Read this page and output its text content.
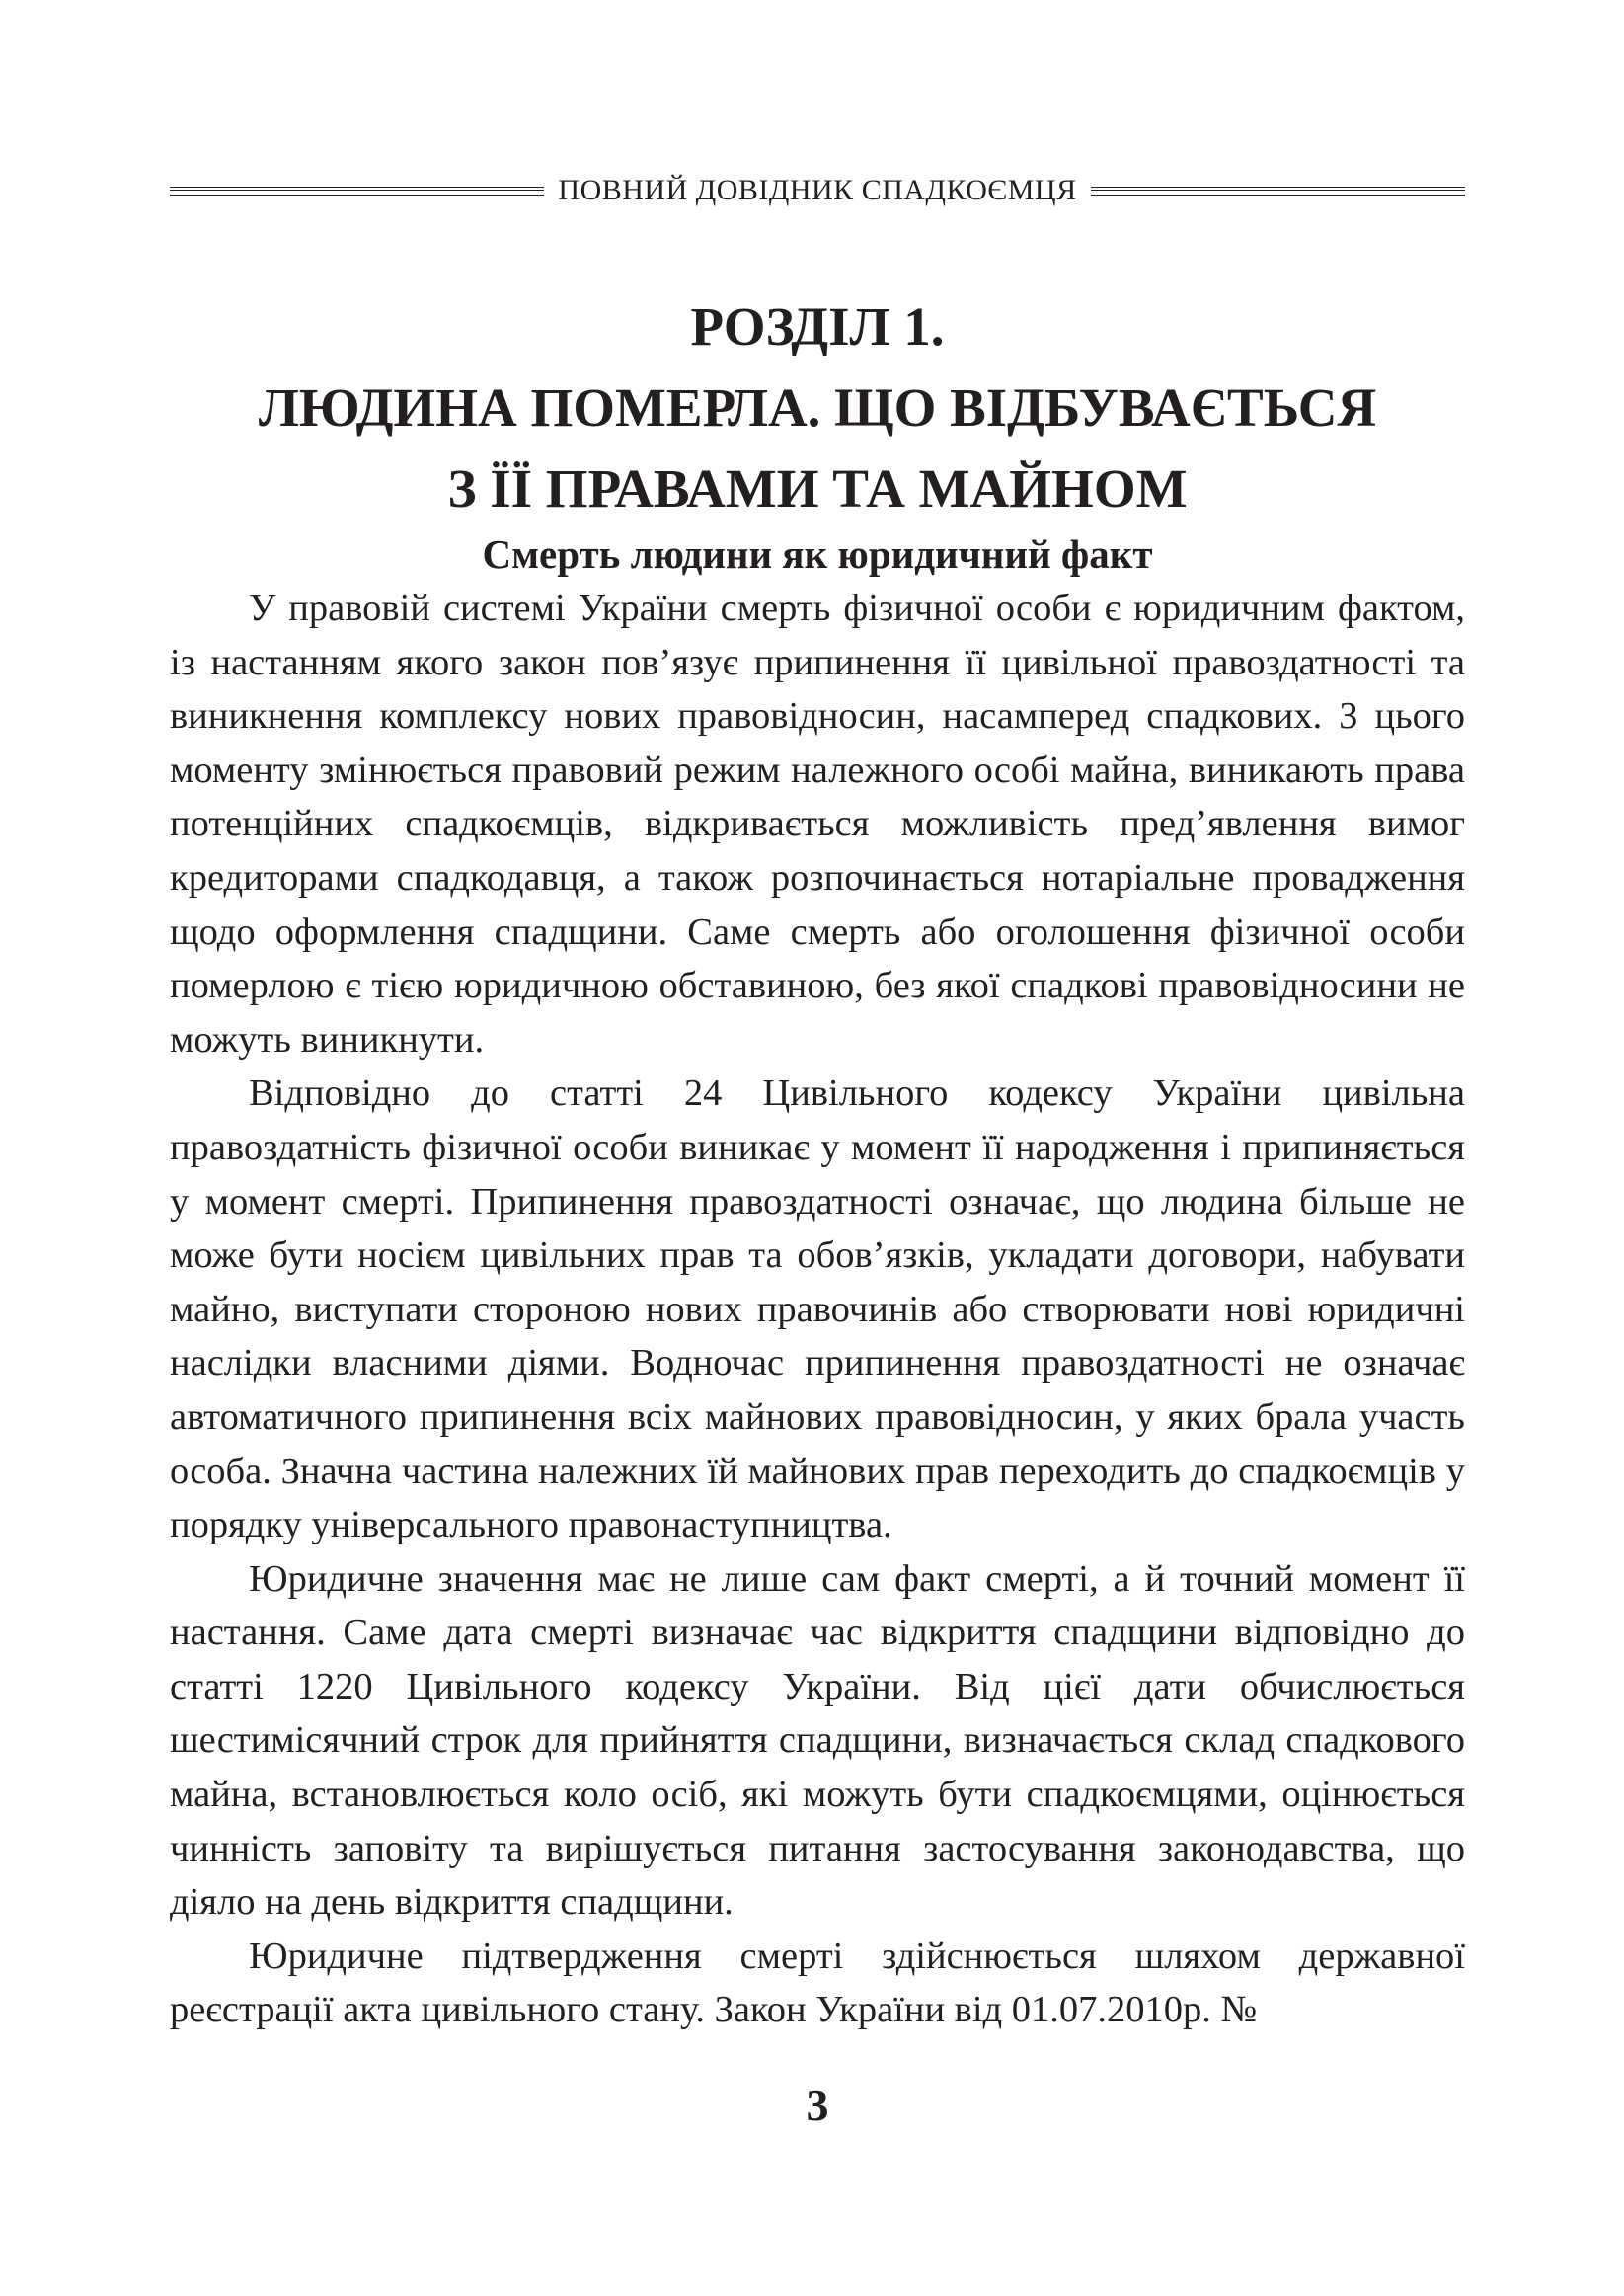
ПОВНИЙ ДОВІДНИК СПАДКОЄМЦЯ
РОЗДІЛ 1.
ЛЮДИНА ПОМЕРЛА. ЩО ВІДБУВАЄТЬСЯ
З ЇЇ ПРАВАМИ ТА МАЙНОМ
Смерть людини як юридичний факт

У правовій системі України смерть фізичної особи є юридичним фактом, із настанням якого закон пов’язує припинення її цивільної правоздатності та виникнення комплексу нових правовідносин, насамперед спадкових. З цього моменту змінюється правовий режим належного особі майна, виникають права потенційних спадкоємців, відкривається можливість пред’явлення вимог кредиторами спадкодавця, а також розпочинається нотаріальне провадження щодо оформлення спадщини. Саме смерть або оголошення фізичної особи померлою є тією юридичною обставиною, без якої спадкові правовідносини не можуть виникнути.

Відповідно до статті 24 Цивільного кодексу України цивільна правоздатність фізичної особи виникає у момент її народження і припиняється у момент смерті. Припинення правоздатності означає, що людина більше не може бути носієм цивільних прав та обов’язків, укладати договори, набувати майно, виступати стороною нових правочинів або створювати нові юридичні наслідки власними діями. Водночас припинення правоздатності не означає автоматичного припинення всіх майнових правовідносин, у яких брала участь особа. Значна частина належних їй майнових прав переходить до спадкоємців у порядку універсального правонаступництва.

Юридичне значення має не лише сам факт смерті, а й точний момент її настання. Саме дата смерті визначає час відкриття спадщини відповідно до статті 1220 Цивільного кодексу України. Від цієї дати обчислюється шестимісячний строк для прийняття спадщини, визначається склад спадкового майна, встановлюється коло осіб, які можуть бути спадкоємцями, оцінюється чинність заповіту та вирішується питання застосування законодавства, що діяло на день відкриття спадщини.

Юридичне підтвердження смерті здійснюється шляхом державної реєстрації акта цивільного стану. Закон України від 01.07.2010р. №

3
